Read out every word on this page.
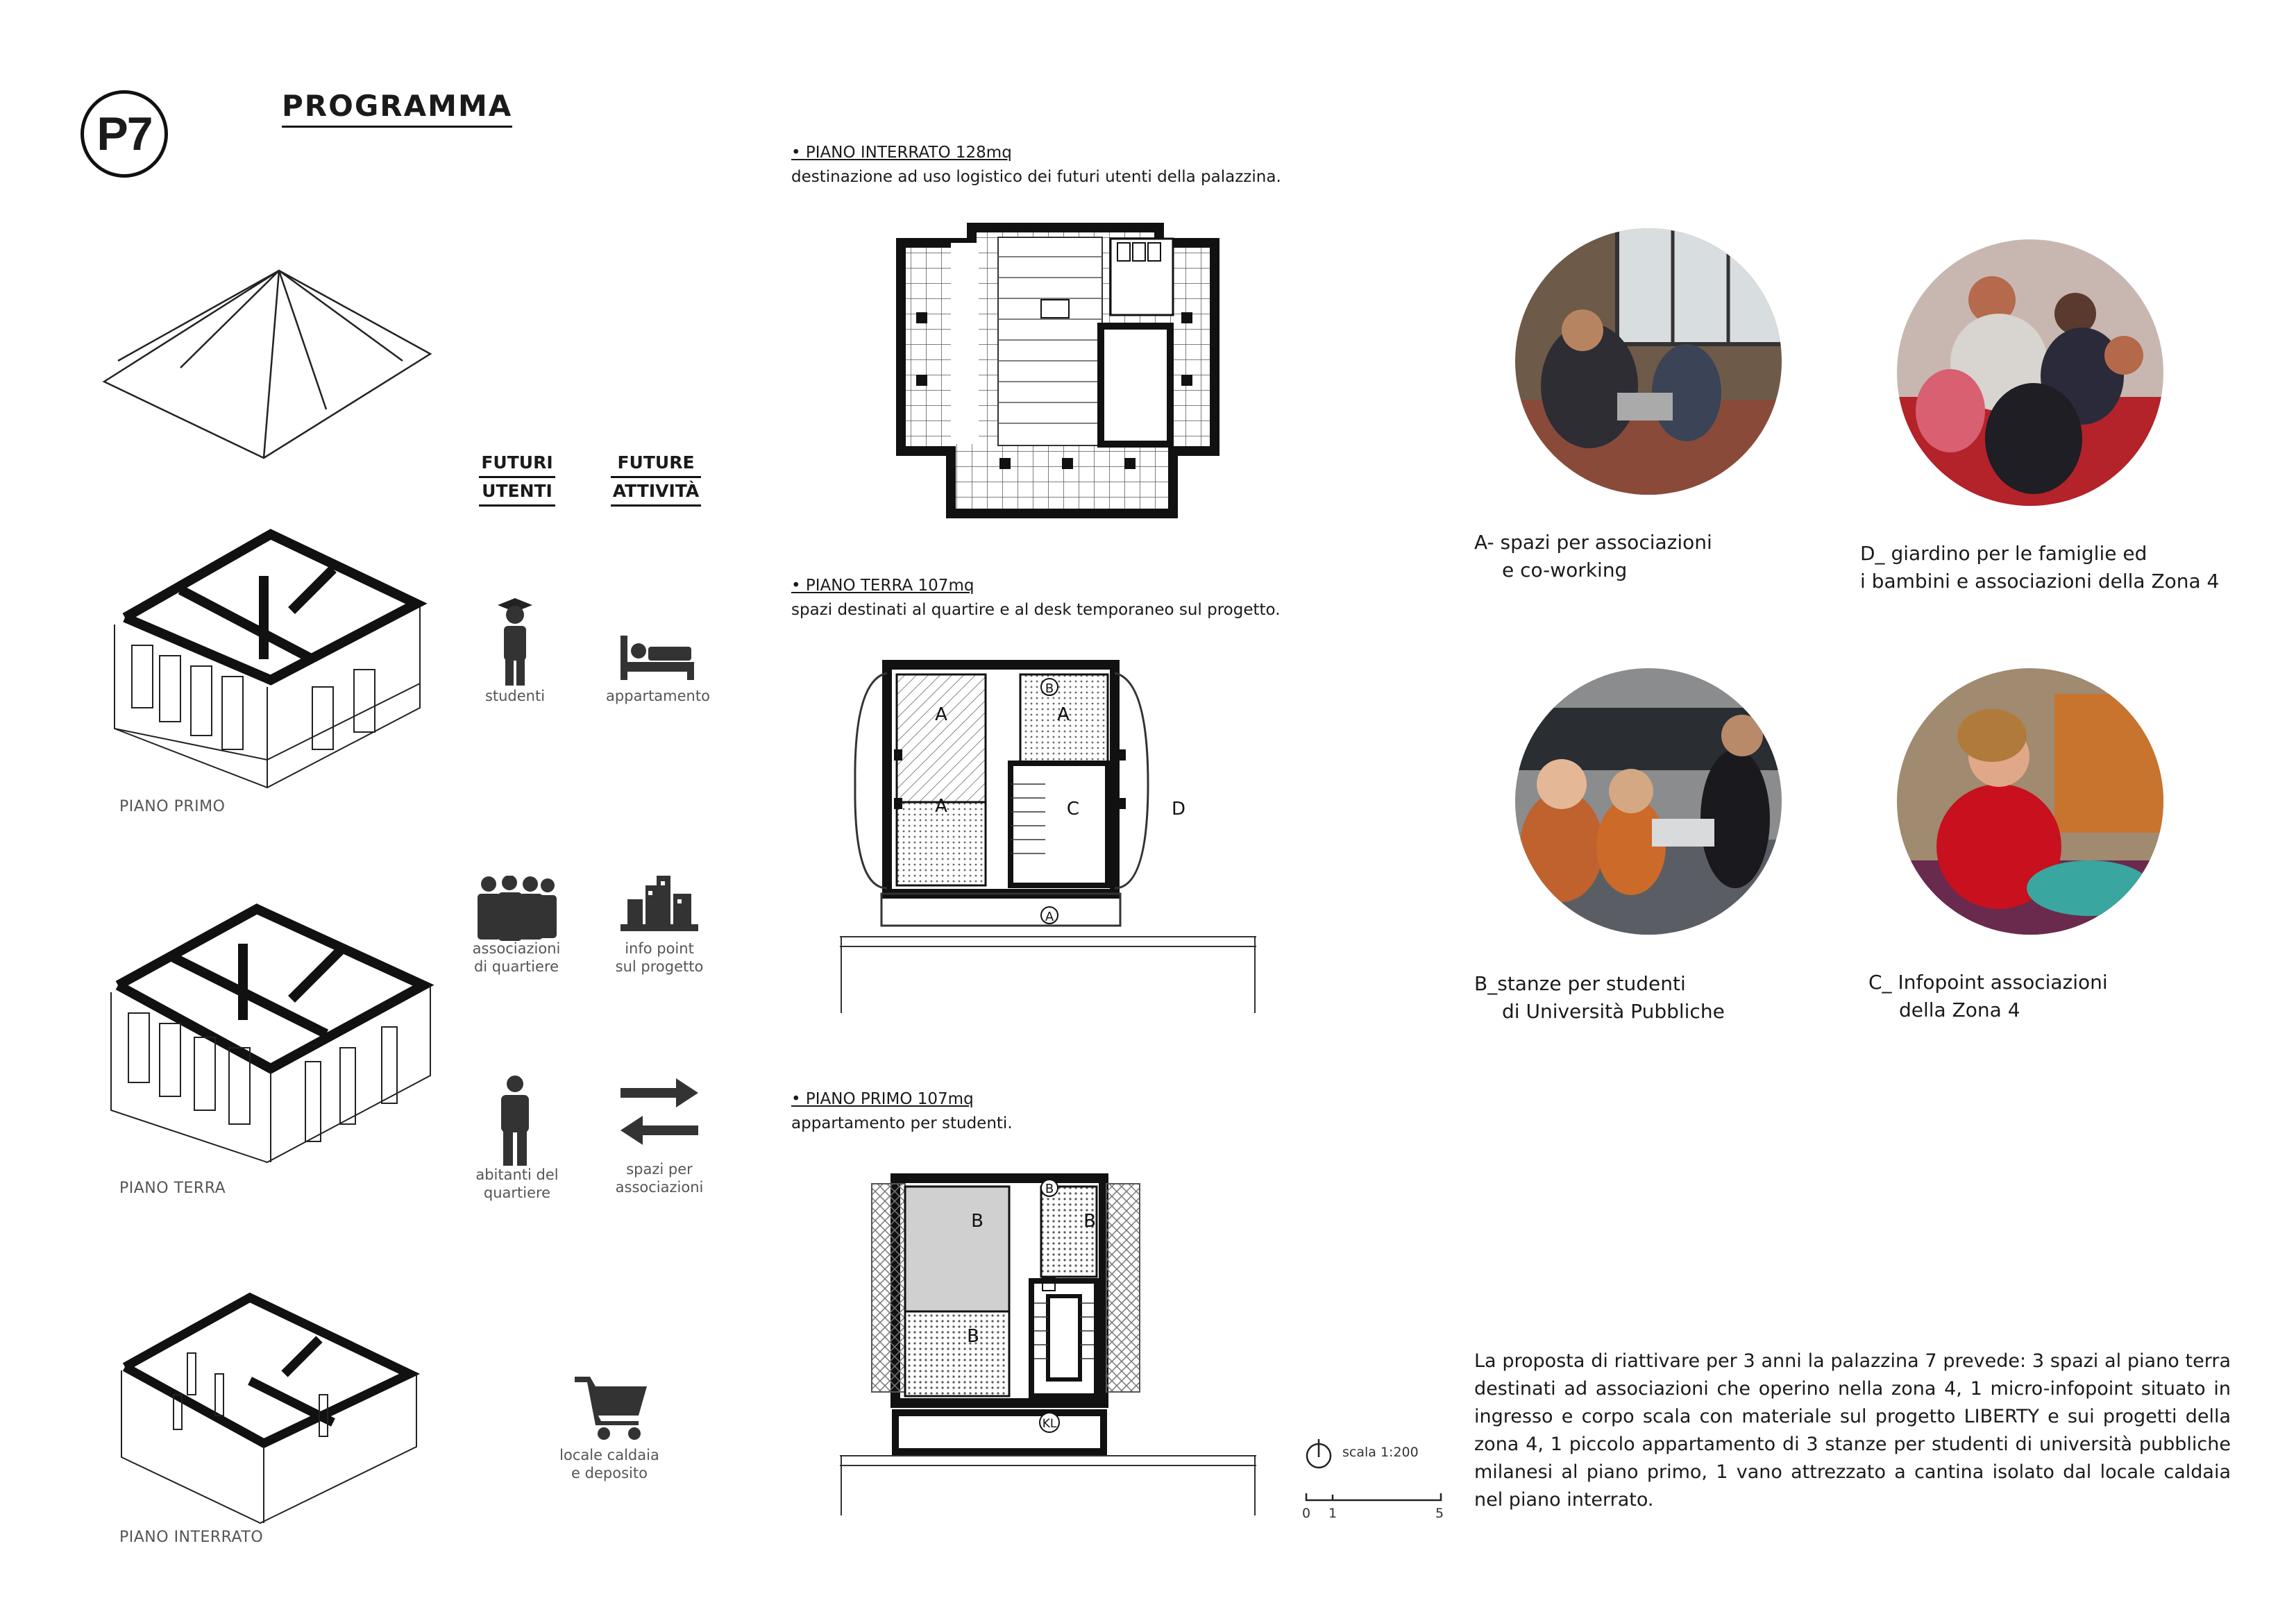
P7
PROGRAMMA
PIANO PRIMO
PIANO TERRA
PIANO INTERRATO
FUTURI
UTENTI
FUTURE
ATTIVITÀ
studenti
associazioni
di quartiere
abitanti del
quartiere
appartamento
info point
sul progetto
spazi per
associazioni
locale caldaia
e deposito
• PIANO INTERRATO 128mq
destinazione ad uso logistico dei futuri utenti della palazzina.
• PIANO TERRA 107mq
spazi destinati al quartire e al desk temporaneo sul progetto.
A
A
A
B
A
C	D
• PIANO PRIMO 107mq
appartamento per studenti.
B
B	B
B
KL
scala 1:200
0 1	5
A- spazi per associazioni
e co-working
D_ giardino per le famiglie ed
i bambini e associazioni della Zona 4
B_stanze per studenti
di Università Pubbliche
C_ Infopoint associazioni
della Zona 4
La proposta di riattivare per 3 anni la palazzina 7 prevede: 3 spazi al piano terra destinati ad associazioni che operino nella zona 4, 1 micro-infopoint situato in ingresso e corpo scala con materiale sul progetto LIBERTY e sui progetti della zona 4, 1 piccolo appartamento di 3 stanze per studenti di università pubbliche milanesi al piano primo, 1 vano attrezzato a cantina isolato dal locale caldaia nel piano interrato.
